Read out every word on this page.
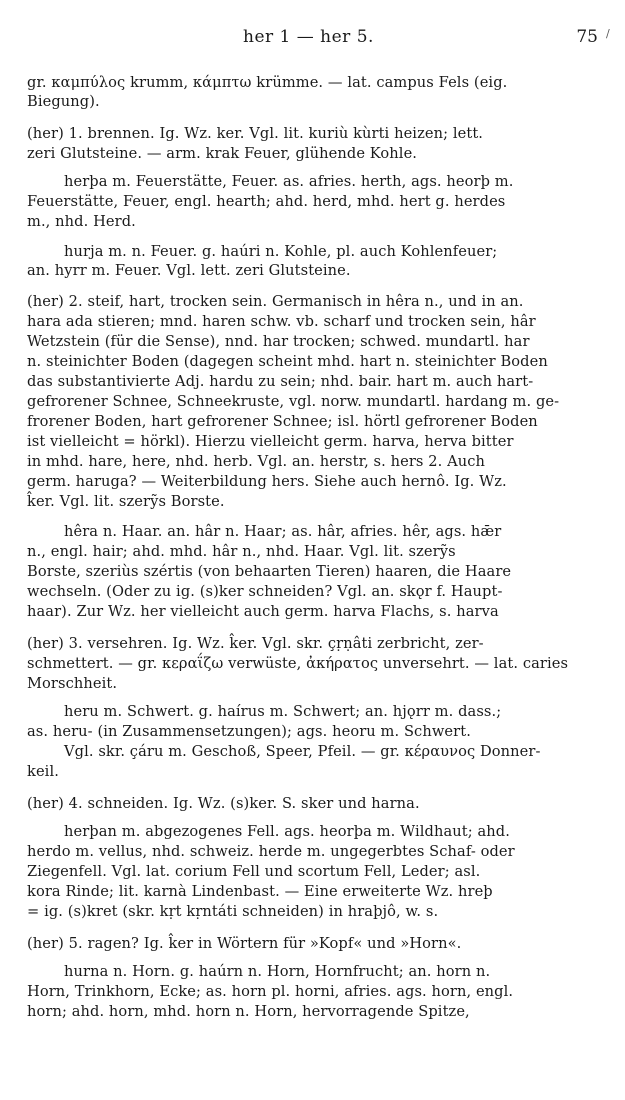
her 1 — her 5.	75 /
gr. καμπύλος krumm, κάμπτω krümme. — lat. campus Fels (eig.
Biegung).
(her) 1. brennen. Ig. Wz. ker. Vgl. lit. kuriù kùrti heizen; lett.
zeri Glutsteine. — arm. krak Feuer, glühende Kohle.
herþa m. Feuerstätte, Feuer. as. afries. herth, ags. heorþ m.
Feuerstätte, Feuer, engl. hearth; ahd. herd, mhd. hert g. herdes
m., nhd. Herd.
hurja m. n. Feuer. g. haúri n. Kohle, pl. auch Kohlenfeuer;
an. hyrr m. Feuer. Vgl. lett. zeri Glutsteine.
(her) 2. steif, hart, trocken sein. Germanisch in hêra n., und in an.
hara ada stieren; mnd. haren schw. vb. scharf und trocken sein, hâr
Wetzstein (für die Sense), nnd. har trocken; schwed. mundartl. har
n. steinichter Boden (dagegen scheint mhd. hart n. steinichter Boden
das substantivierte Adj. hardu zu sein; nhd. bair. hart m. auch hart-
gefrorener Schnee, Schneekruste, vgl. norw. mundartl. hardang m. ge-
frorener Boden, hart gefrorener Schnee; isl. hörtl gefrorener Boden
ist vielleicht = hörkl). Hierzu vielleicht germ. harva, herva bitter
in mhd. hare, here, nhd. herb. Vgl. an. herstr, s. hers 2. Auch
germ. haruga? — Weiterbildung hers. Siehe auch hernô. Ig. Wz.
k̂er. Vgl. lit. szerỹs Borste.
hêra n. Haar. an. hâr n. Haar; as. hâr, afries. hêr, ags. hǣr
n., engl. hair; ahd. mhd. hâr n., nhd. Haar. Vgl. lit. szerỹs
Borste, szeriùs szértis (von behaarten Tieren) haaren, die Haare
wechseln. (Oder zu ig. (s)ker schneiden? Vgl. an. skǫr f. Haupt-
haar). Zur Wz. her vielleicht auch germ. harva Flachs, s. harva
(her) 3. versehren. Ig. Wz. k̂er. Vgl. skr. çṛṇâti zerbricht, zer-
schmettert. — gr. κεραΐζω verwüste, ἀκήρατος unversehrt. — lat. caries
Morschheit.
heru m. Schwert. g. haírus m. Schwert; an. hjǫrr m. dass.;
as. heru- (in Zusammensetzungen); ags. heoru m. Schwert.
Vgl. skr. çáru m. Geschoß, Speer, Pfeil. — gr. κέραυνος Donner-
keil.
(her) 4. schneiden. Ig. Wz. (s)ker. S. sker und harna.
herþan m. abgezogenes Fell. ags. heorþa m. Wildhaut; ahd.
herdo m. vellus, nhd. schweiz. herde m. ungegerbtes Schaf- oder
Ziegenfell. Vgl. lat. corium Fell und scortum Fell, Leder; asl.
kora Rinde; lit. karnà Lindenbast. — Eine erweiterte Wz. hreþ
= ig. (s)kret (skr. kṛt kṛntáti schneiden) in hraþjô, w. s.
(her) 5. ragen? Ig. k̂er in Wörtern für »Kopf« und »Horn«.
hurna n. Horn. g. haúrn n. Horn, Hornfrucht; an. horn n.
Horn, Trinkhorn, Ecke; as. horn pl. horni, afries. ags. horn, engl.
horn; ahd. horn, mhd. horn n. Horn, hervorragende Spitze,
